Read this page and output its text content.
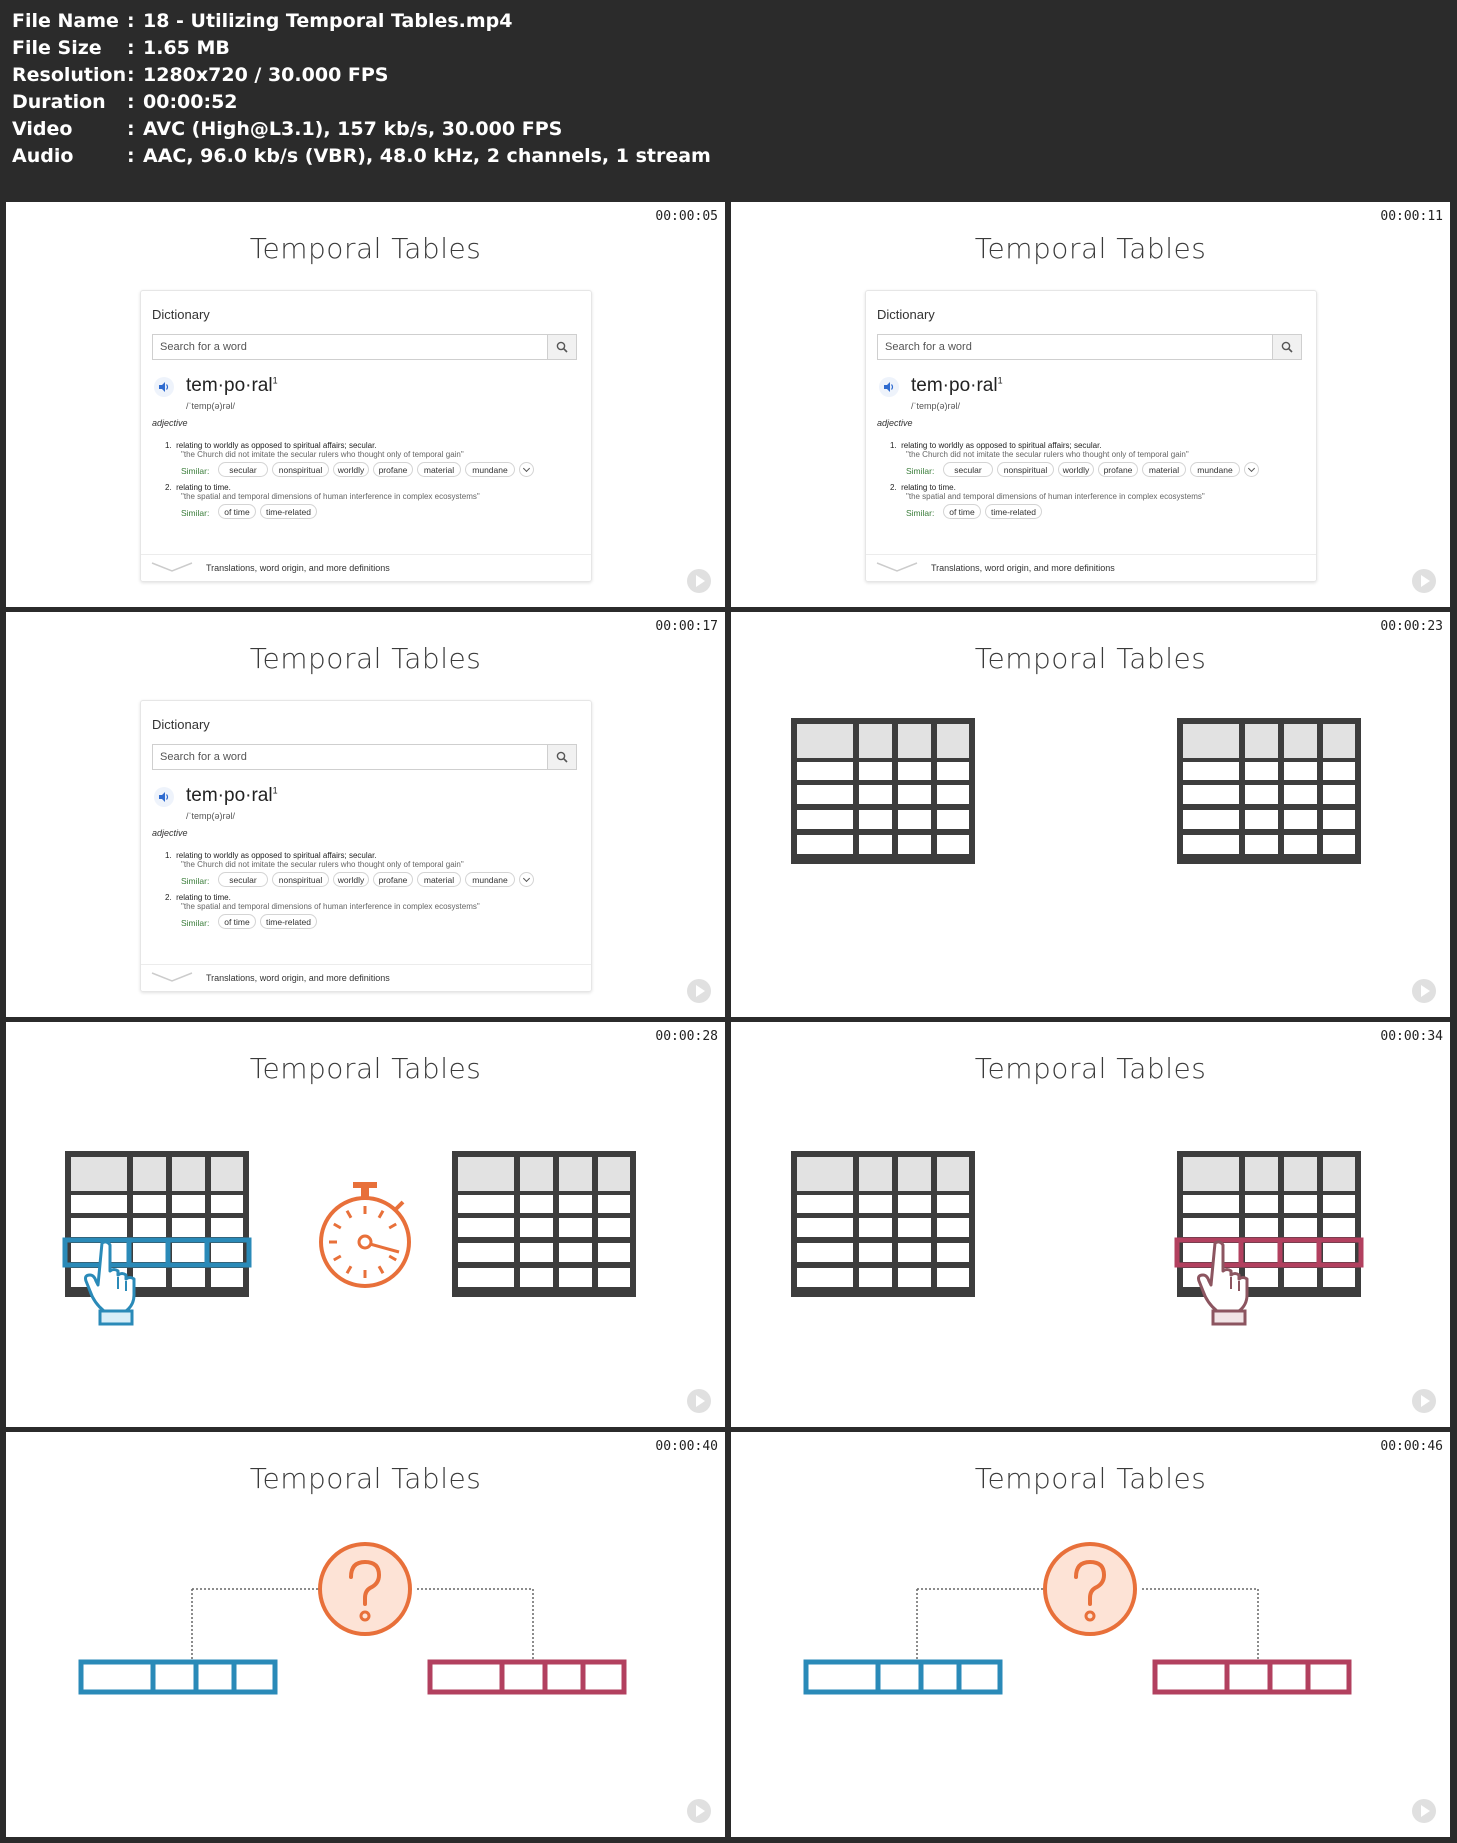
File Name : 18 - Utilizing Temporal Tables.mp4
File Size	: 1.65 MB
Resolution : 1280x720 / 30.000 FPS
Duration	: 00:00:52
Video	: AVC (High@L3.1), 157 kb/s, 30.000 FPS
Audio	: AAC, 96.0 kb/s (VBR), 48.0 kHz, 2 channels, 1 stream
Dictionary
Search for a word
tem·po·ral$^1$
/ˈtemp(ə)rəl/
adjective
1. relating to worldly as opposed to spiritual affairs; secular.
"the Church did not imitate the secular rulers who thought only of temporal gain"
Similar:	secular	nonspiritual	worldly	profane	material	mundane
2. relating to time.
"the spatial and temporal dimensions of human interference in complex ecosystems"
Similar:	of time	time-related
Translations, word origin, and more definitions
00:00:05
Temporal Tables
Dictionary
Search for a word
tem·po·ral$^1$
/ˈtemp(ə)rəl/
adjective
1. relating to worldly as opposed to spiritual affairs; secular.
"the Church did not imitate the secular rulers who thought only of temporal gain"
Similar:	secular	nonspiritual	worldly	profane	material	mundane
2. relating to time.
"the spatial and temporal dimensions of human interference in complex ecosystems"
Similar:	of time	time-related
Translations, word origin, and more definitions
00:00:11
Temporal Tables
Dictionary
Search for a word
tem·po·ral$^1$
/ˈtemp(ə)rəl/
adjective
1. relating to worldly as opposed to spiritual affairs; secular.
"the Church did not imitate the secular rulers who thought only of temporal gain"
Similar:	secular	nonspiritual	worldly	profane	material	mundane
2. relating to time.
"the spatial and temporal dimensions of human interference in complex ecosystems"
Similar:	of time	time-related
Translations, word origin, and more definitions
00:00:17
Temporal Tables
00:00:23
Temporal Tables
00:00:28
Temporal Tables
00:00:34
Temporal Tables
00:00:40
Temporal Tables
00:00:46
Temporal Tables
